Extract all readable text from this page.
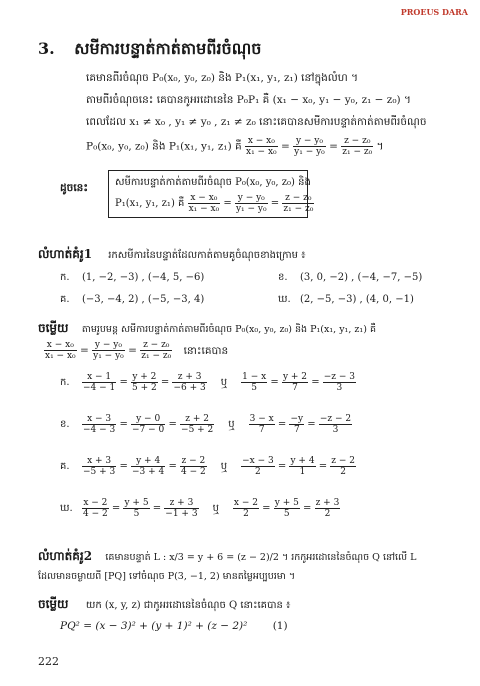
PROEUS DARA
3. សមីការបន្ទាត់កាត់តាមពីរចំណុច
គេមានពីរចំណុច P₀(x₀, y₀, z₀) និង P₁(x₁, y₁, z₁) នៅក្នុងលំហ ។
តាមពីរចំណុចនេះ គេបានកូអរដោនេនៃ P₀P₁ គឺ (x₁ − x₀, y₁ − y₀, z₁ − z₀) ។
ពេលដែល x₁ ≠ x₀ , y₁ ≠ y₀ , z₁ ≠ z₀ នោះគេបានសមីការបន្ទាត់កាត់តាមពីរចំណុច
P₀(x₀, y₀, z₀) និង P₁(x₁, y₁, z₁) គឺ $\frac{\text{x − x₀}}{\text{x₁ − x₀}} = \frac{\text{y − y₀}}{\text{y₁ − y₀}} = \frac{\text{z − z₀}}{\text{z₁ − z₀}}$ ។
ដូចនេះ	សមីការបន្ទាត់កាត់តាមពីរចំណុច P₀(x₀, y₀, z₀) និង
P₁(x₁, y₁, z₁) គឺ $\frac{\text{x − x₀}}{\text{x₁ − x₀}} = \frac{\text{y − y₀}}{\text{y₁ − y₀}} = \frac{\text{z − z₀}}{\text{z₁ − z₀}}$
លំហាត់គំរូ1 រកសមីការនៃបន្ទាត់ដែលកាត់តាមគូចំណុចខាងក្រោម ៖
ក. (1, −2, −3) , (−4, 5, −6)	ខ. (3, 0, −2) , (−4, −7, −5)
គ. (−3, −4, 2) , (−5, −3, 4)	ឃ. (2, −5, −3) , (4, 0, −1)
ចម្លើយ តាមរូបមន្ត សមីការបន្ទាត់កាត់តាមពីរចំណុច P₀(x₀, y₀, z₀) និង P₁(x₁, y₁, z₁) គឺ
$\frac{\text{x − x₀}}{\text{x₁ − x₀}} = \frac{\text{y − y₀}}{\text{y₁ − y₀}} = \frac{\text{z − z₀}}{\text{z₁ − z₀}}$ នោះគេបាន
ក. $\frac{x - 1}{-4 - 1} = \frac{y + 2}{5 + 2} = \frac{z + 3}{-6 + 3}$ ឬ $\frac{1 - x}{5} = \frac{y + 2}{7} = \frac{-z - 3}{3}$
ខ. $\frac{x - 3}{-4 - 3} = \frac{y - 0}{-7 - 0} = \frac{z + 2}{-5 + 2}$ ឬ $\frac{3 - x}{7} = \frac{-y}{7} = \frac{-z - 2}{3}$
គ. $\frac{x + 3}{-5 + 3} = \frac{y + 4}{-3 + 4} = \frac{z - 2}{4 - 2}$ ឬ $\frac{-x - 3}{2} = \frac{y + 4}{1} = \frac{z - 2}{2}$
ឃ. $\frac{x - 2}{4 - 2} = \frac{y + 5}{5} = \frac{z + 3}{-1 + 3}$ ឬ $\frac{x - 2}{2} = \frac{y + 5}{5} = \frac{z + 3}{2}$
លំហាត់គំរូ2 គេមានបន្ទាត់ L : x/3 = y + 6 = (z − 2)/2 ។ រកកូអរដោនេនៃចំណុច Q នៅលើ L
ដែលមានចម្ងាយពី [PQ] ទៅចំណុច P(3, −1, 2) មានតម្លៃអប្បបរមា ។
ចម្លើយ យក (x, y, z) ជាកូអរដោនេនៃចំណុច Q នោះគេបាន ៖
PQ² = (x − 3)² + (y + 1)² + (z − 2)² (1)
222
